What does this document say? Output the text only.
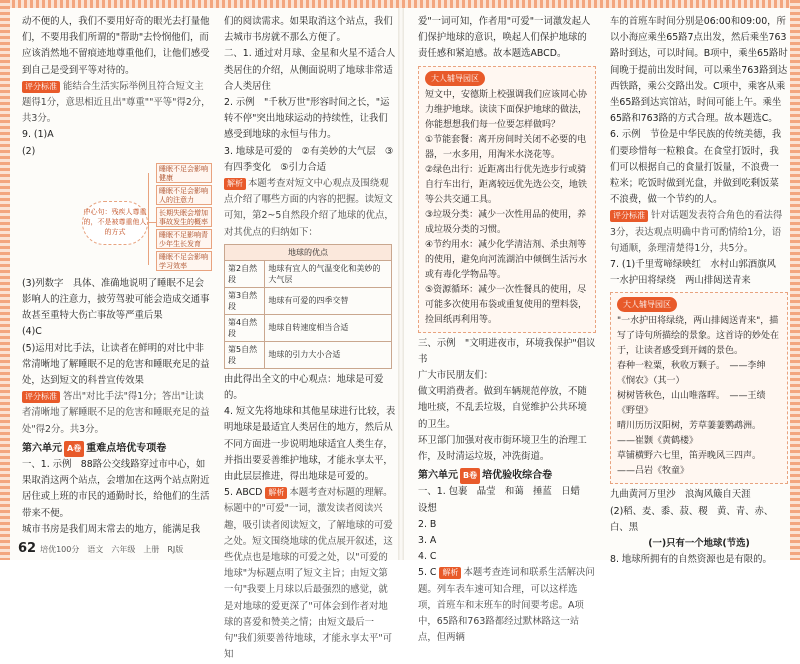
动不便的人，我们不要用好奇的眼光去打量他们，不要用我们所谓的"帮助"去怜悯他们，而应该消然地不留痕迹地尊重他们，让他们感受到自己是受到平等对待的。

评分标准 能结合生活实际举例且符合短文主题得1分，意思相近且出"尊重""平等"得2分，共3分。

9. (1)A

(2)

中心句：残疾人尊重的，不是被尊重他人的方式
睡眠不足会影响健康
睡眠不足会影响人的注意力
长期失眠会增加事故发生的概率
睡眠不足影响青少年生长发育
睡眠不足会影响学习效率

(3)列数字　具体、准确地说明了睡眠不足会影响人的注意力，披劳驾驶可能会造成交通事故甚至重特大伤亡事故等严重后果

(4)C

(5)运用对比手法，让读者在鲜明的对比中非常清晰地了解睡眠不足的危害和睡眠充足的益处，达到短文的科普宣传效果

评分标准 答出"对比手法"得1分；答出"让读者清晰地了解睡眠不足的危害和睡眠充足的益处"得2分。共3分。

第六单元 A卷 重难点培优专项卷

一、1. 示例　88路公交线路穿过市中心，如果取消这两个站点，会增加在这两个站点附近居住或上班的市民的通勤时长，给他们的生活带来不便。

城市书房是我们周末常去的地方，能满足我

们的阅读需求。如果取消这个站点，我们去城市书房就不那么方便了。

二、1. 通过对月球、金星和火星不适合人类居住的介绍，从侧面说明了地球非常适合人类居住

2. 示例　"千秋万世"形容时间之长，"运转不停"突出地球运动的持续性，让我们感受到地球的永恒与伟力。

3. 地球是可爱的　②有美妙的大气层　③有四季变化　⑤引力合适

解析 本题考查对短文中心观点及围绕观点介绍了哪些方面的内容的把握。读短文可知，第2~5自然段介绍了地球的优点，对其优点的归纳如下：

地球的优点	
第2自然段	地球有宜人的气温变化和美妙的大气层
第3自然段	地球有可爱的四季交替
第4自然段	地球自转速度相当合适
第5自然段	地球的引力大小合适

由此得出全文的中心观点：地球是可爱的。

4. 短文先将地球和其他星球进行比较，表明地球是最适宜人类居住的地方，然后从不同方面进一步说明地球适宜人类生存，并指出要妥善维护地球，才能永享太平，由此层层推进，得出地球是可爱的。

5. ABCD 解析 本题考查对标题的理解。标题中的"可爱"一词，激发读者阅读兴趣，吸引读者阅读短文，了解地球的可爱之处。短文围绕地球的优点展开叙述，这些优点也是地球的可爱之处，以"可爱的地球"为标题点明了短文主旨；由短文第一句"我要上月球以后最强烈的感觉，就是对地球的爱更深了"可体会到作者对地球的喜爱和赞美之情；由短文最后一句"我们须要善待地球，才能永享太平"可知

爱"一词可知，作者用"可爱"一词激发起人们保护地球的意识，唤起人们保护地球的责任感和紧迫感。故本题选ABCD。

大人辅导园区
短文中，安德斯上校强调我们应该同心协力维护地球。读读下面保护地球的做法，你能想想我们每一位要怎样做吗？
①节能套餐：离开房间时关闭不必要的电器，一水多用，用淘米水浇花等。
②绿色出行：近距离出行优先选步行或骑自行车出行，距离较远优先选公交，地铁等公共交通工具。
③垃圾分类：减少一次性用品的使用，养成垃圾分类的习惯。
④节约用水：减少化学清洁剂、杀虫剂等的使用，避免向河流湖泊中倾倒生活污水或有毒化学物品等。
⑤资源循环：减少一次性餐具的使用，尽可能多次使用布袋或重复使用的塑料袋，捡回纸再利用等。

三、示例　"文明进夜市，环境我保护"倡议书

广大市民朋友们：

做文明消费者。做到车辆规范停放，不随地吐痰，不乱丢垃圾，自觉维护公共环境的卫生。

环卫部门加强对夜市街环境卫生的治理工作，及时清运垃圾，冲洗街道。

第六单元 B卷 培优验收综合卷

一、1. 包裹　晶莹　和蔼　捶蓝　日蜡　设想

2. B

3. A

4. C

5. C 解析 本题考查连词和联系生活解决问题。列车表车速可知合理，可以这样选项，首班车和末班车的时间要考虑。A项中，65路和763路都经过默林路这一站点，但两辆

车的首班车时间分别是06:00和09:00，所以小海应乘坐65路7点出发，然后乘坐763路时到达，可以时间。B项中，乘坐65路时间晚于提前出发时间，可以乘坐763路到达西铁路，乘公交路出发。C项中，乘客从乘坐65路到达宾馆站，时间可能上午。乘坐65路和763路的方式合理。故本题选C。

6. 示例　节俭是中华民族的传统美德，我们要珍惜每一粒粮食。在食堂打饭时，我们可以根据自己的食量打饭量，不浪费一粒米；吃饭时做到光盘，并做到吃剩饭菜不浪费，做一个节约的人。

评分标准 针对话题发表符合角色的看法得3分，表达观点明确中肯可酌情给1分，语句通顺，条理清楚得1分，共5分。

7. (1)千里莺啼绿映红　水村山郭酒旗风

一水护田将绿绕　两山排闼送青来

大人辅导园区
"一水护田将绿绕，两山排闼送青来"，描写了诗句所描绘的景象。这首诗的妙处在于，让读者感受到开阔的景色。
春种一粒粟，秋收万颗子。　——李绅《悯农》（其一）
树树皆秋色，山山唯落晖。　——王绩《野望》
晴川历历汉阳树，芳草萋萋鹦鹉洲。　——崔颢《黄鹤楼》
草铺横野六七里，笛弄晚风三四声。　——吕岩《牧童》

九曲黄河万里沙　浪淘风簸自天涯

(2)稻、麦、黍、菽、稷　黄、青、赤、白、黑

(一)只有一个地球(节选)

8. 地球所拥有的自然资源也是有限的。

62 培优100分　语文　六年级　上册　RJ版
